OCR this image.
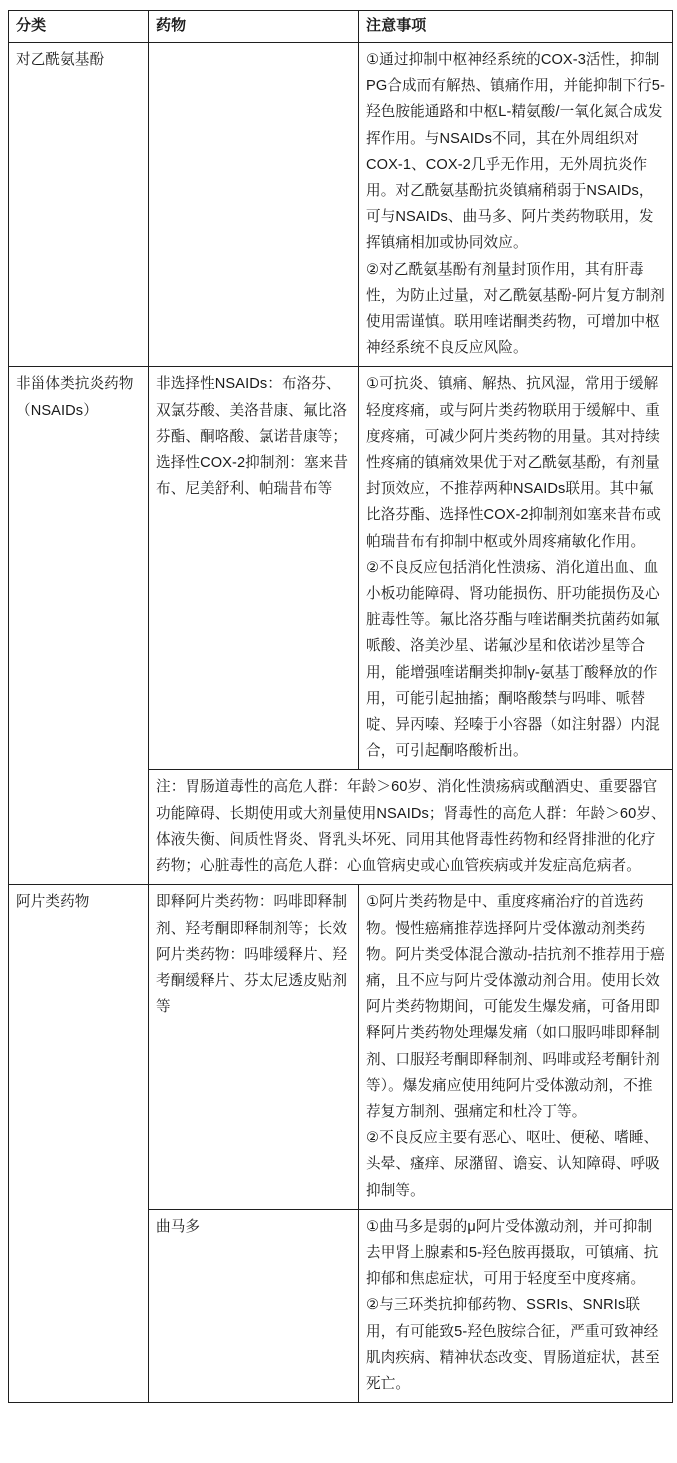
分类	药物	注意事项
对乙酰氨基酚		①通过抑制中枢神经系统的COX-3活性，抑制PG合成而有解热、镇痛作用，并能抑制下行5-羟色胺能通路和中枢L-精氨酸/一氧化氮合成发挥作用。与NSAIDs不同，其在外周组织对COX-1、COX-2几乎无作用，无外周抗炎作用。对乙酰氨基酚抗炎镇痛稍弱于NSAIDs，可与NSAIDs、曲马多、阿片类药物联用，发挥镇痛相加或协同效应。

②对乙酰氨基酚有剂量封顶作用，其有肝毒性，为防止过量，对乙酰氨基酚-阿片复方制剂使用需谨慎。联用喹诺酮类药物，可增加中枢神经系统不良反应风险。

非甾体类抗炎药物（NSAIDs）	非选择性NSAIDs：布洛芬、双氯芬酸、美洛昔康、氟比洛芬酯、酮咯酸、氯诺昔康等；选择性COX-2抑制剂：塞来昔布、尼美舒利、帕瑞昔布等	①可抗炎、镇痛、解热、抗风湿，常用于缓解轻度疼痛，或与阿片类药物联用于缓解中、重度疼痛，可减少阿片类药物的用量。其对持续性疼痛的镇痛效果优于对乙酰氨基酚，有剂量封顶效应，不推荐两种NSAIDs联用。其中氟比洛芬酯、选择性COX-2抑制剂如塞来昔布或帕瑞昔布有抑制中枢或外周疼痛敏化作用。

②不良反应包括消化性溃疡、消化道出血、血小板功能障碍、肾功能损伤、肝功能损伤及心脏毒性等。氟比洛芬酯与喹诺酮类抗菌药如氟哌酸、洛美沙星、诺氟沙星和依诺沙星等合用，能增强喹诺酮类抑制γ-氨基丁酸释放的作用，可能引起抽搐；酮咯酸禁与吗啡、哌替啶、异丙嗪、羟嗪于小容器（如注射器）内混合，可引起酮咯酸析出。

	注：胃肠道毒性的高危人群：年龄＞60岁、消化性溃疡病或酗酒史、重要器官功能障碍、长期使用或大剂量使用NSAIDs；肾毒性的高危人群：年龄＞60岁、体液失衡、间质性肾炎、肾乳头坏死、同用其他肾毒性药物和经肾排泄的化疗药物；心脏毒性的高危人群：心血管病史或心血管疾病或并发症高危病者。	
阿片类药物	即释阿片类药物：吗啡即释制剂、羟考酮即释制剂等；长效阿片类药物：吗啡缓释片、羟考酮缓释片、芬太尼透皮贴剂等	①阿片类药物是中、重度疼痛治疗的首选药物。慢性癌痛推荐选择阿片受体激动剂类药物。阿片类受体混合激动-拮抗剂不推荐用于癌痛，且不应与阿片受体激动剂合用。使用长效阿片类药物期间，可能发生爆发痛，可备用即释阿片类药物处理爆发痛（如口服吗啡即释制剂、口服羟考酮即释制剂、吗啡或羟考酮针剂等）。爆发痛应使用纯阿片受体激动剂，不推荐复方制剂、强痛定和杜冷丁等。

②不良反应主要有恶心、呕吐、便秘、嗜睡、头晕、瘙痒、尿潴留、谵妄、认知障碍、呼吸抑制等。

	曲马多	①曲马多是弱的μ阿片受体激动剂，并可抑制去甲肾上腺素和5-羟色胺再摄取，可镇痛、抗抑郁和焦虑症状，可用于轻度至中度疼痛。

②与三环类抗抑郁药物、SSRIs、SNRIs联用，有可能致5-羟色胺综合征，严重可致神经肌肉疾病、精神状态改变、胃肠道症状，甚至死亡。
